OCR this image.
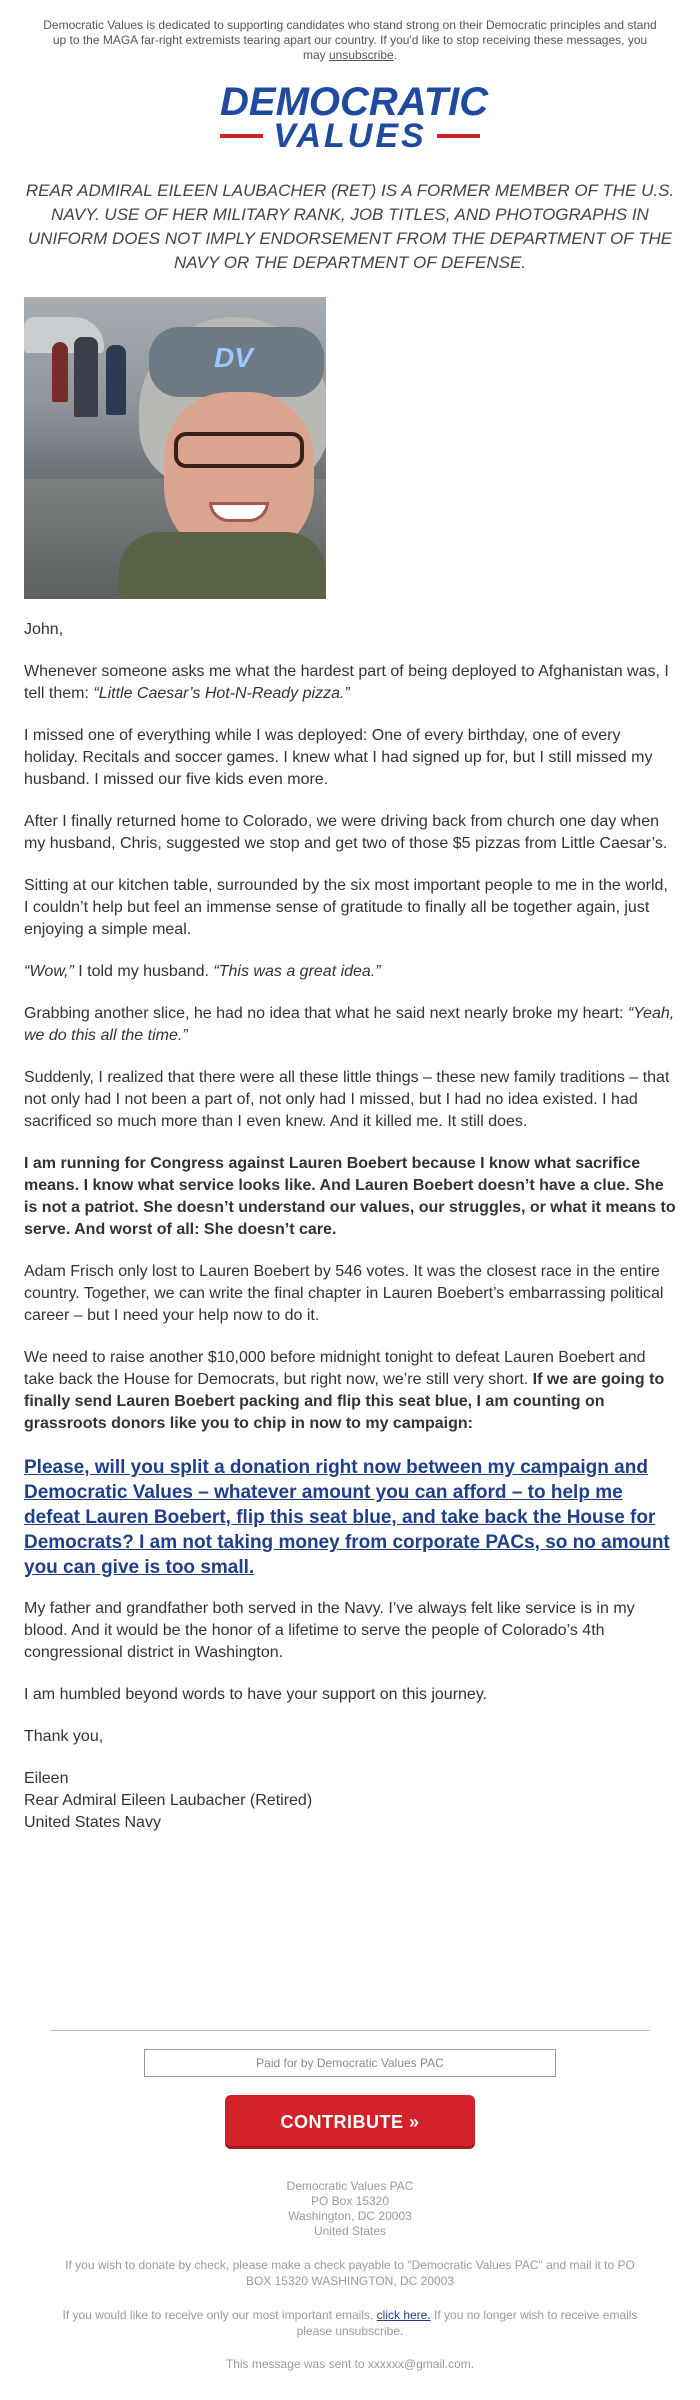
Democratic Values is dedicated to supporting candidates who stand strong on their Democratic principles and stand up to the MAGA far-right extremists tearing apart our country. If you'd like to stop receiving these messages, you may unsubscribe.
DEMOCRATIC
VALUES
REAR ADMIRAL EILEEN LAUBACHER (RET) IS A FORMER MEMBER OF THE U.S. NAVY. USE OF HER MILITARY RANK, JOB TITLES, AND PHOTOGRAPHS IN UNIFORM DOES NOT IMPLY ENDORSEMENT FROM THE DEPARTMENT OF THE NAVY OR THE DEPARTMENT OF DEFENSE.
DV

John,

Whenever someone asks me what the hardest part of being deployed to Afghanistan was, I tell them: “Little Caesar’s Hot-N-Ready pizza.”

I missed one of everything while I was deployed: One of every birthday, one of every holiday. Recitals and soccer games. I knew what I had signed up for, but I still missed my husband. I missed our five kids even more.

After I finally returned home to Colorado, we were driving back from church one day when my husband, Chris, suggested we stop and get two of those $5 pizzas from Little Caesar’s.

Sitting at our kitchen table, surrounded by the six most important people to me in the world, I couldn’t help but feel an immense sense of gratitude to finally all be together again, just enjoying a simple meal.

“Wow,” I told my husband. “This was a great idea.”

Grabbing another slice, he had no idea that what he said next nearly broke my heart: “Yeah, we do this all the time.”

Suddenly, I realized that there were all these little things – these new family traditions – that not only had I not been a part of, not only had I missed, but I had no idea existed. I had sacrificed so much more than I even knew. And it killed me. It still does.

I am running for Congress against Lauren Boebert because I know what sacrifice means. I know what service looks like. And Lauren Boebert doesn’t have a clue. She is not a patriot. She doesn’t understand our values, our struggles, or what it means to serve. And worst of all: She doesn’t care.

Adam Frisch only lost to Lauren Boebert by 546 votes. It was the closest race in the entire country. Together, we can write the final chapter in Lauren Boebert’s embarrassing political career – but I need your help now to do it.

We need to raise another $10,000 before midnight tonight to defeat Lauren Boebert and take back the House for Democrats, but right now, we’re still very short. If we are going to finally send Lauren Boebert packing and flip this seat blue, I am counting on grassroots donors like you to chip in now to my campaign:

Please, will you split a donation right now between my campaign and Democratic Values – whatever amount you can afford – to help me defeat Lauren Boebert, flip this seat blue, and take back the House for Democrats? I am not taking money from corporate PACs, so no amount you can give is too small.

My father and grandfather both served in the Navy. I’ve always felt like service is in my blood. And it would be the honor of a lifetime to serve the people of Colorado’s 4th congressional district in Washington.

I am humbled beyond words to have your support on this journey.

Thank you,

Eileen
Rear Admiral Eileen Laubacher (Retired)
United States Navy
Paid for by Democratic Values PAC
CONTRIBUTE »
Democratic Values PAC
PO Box 15320
Washington, DC 20003
United States
If you wish to donate by check, please make a check payable to "Democratic Values PAC" and mail it to PO BOX 15320 WASHINGTON, DC 20003
If you would like to receive only our most important emails, click here. If you no longer wish to receive emails please unsubscribe.
This message was sent to xxxxxx@gmail.com.
